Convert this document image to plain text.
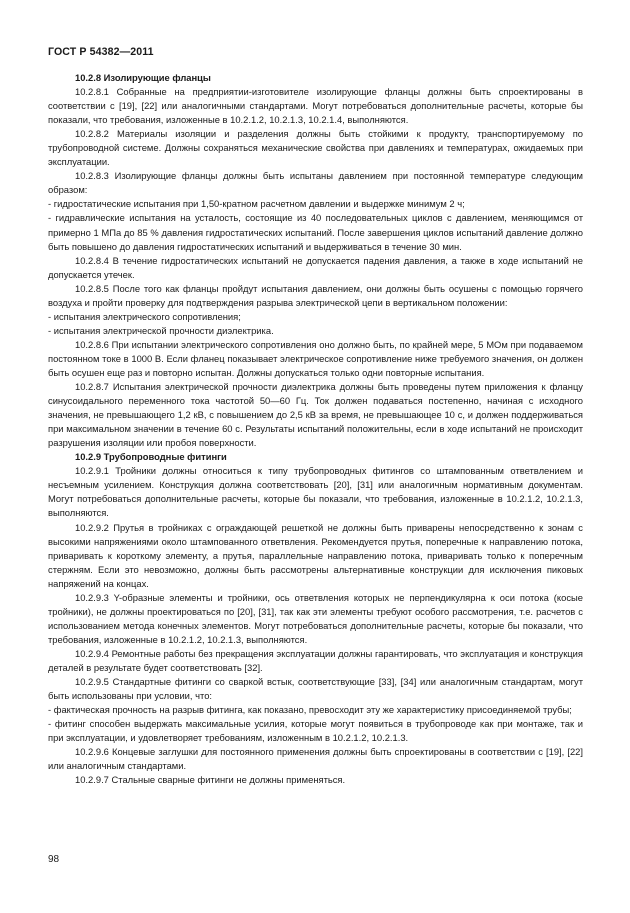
ГОСТ Р 54382—2011

10.2.8 Изолирующие фланцы

10.2.8.1 Собранные на предприятии-изготовителе изолирующие фланцы должны быть спроектированы в соответствии с [19], [22] или аналогичными стандартами. Могут потребоваться дополнительные расчеты, которые бы показали, что требования, изложенные в 10.2.1.2, 10.2.1.3, 10.2.1.4, выполняются.

10.2.8.2 Материалы изоляции и разделения должны быть стойкими к продукту, транспортируемому по трубопроводной системе. Должны сохраняться механические свойства при давлениях и температурах, ожидаемых при эксплуатации.

10.2.8.3 Изолирующие фланцы должны быть испытаны давлением при постоянной температуре следующим образом:

- гидростатические испытания при 1,50-кратном расчетном давлении и выдержке минимум 2 ч;

- гидравлические испытания на усталость, состоящие из 40 последовательных циклов с давлением, меняющимся от примерно 1 МПа до 85 % давления гидростатических испытаний. После завершения циклов испытаний давление должно быть повышено до давления гидростатических испытаний и выдерживаться в течение 30 мин.

10.2.8.4 В течение гидростатических испытаний не допускается падения давления, а также в ходе испытаний не допускается утечек.

10.2.8.5 После того как фланцы пройдут испытания давлением, они должны быть осушены с помощью горячего воздуха и пройти проверку для подтверждения разрыва электрической цепи в вертикальном положении:

- испытания электрического сопротивления;

- испытания электрической прочности диэлектрика.

10.2.8.6 При испытании электрического сопротивления оно должно быть, по крайней мере, 5 МОм при подаваемом постоянном токе в 1000 В. Если фланец показывает электрическое сопротивление ниже требуемого значения, он должен быть осушен еще раз и повторно испытан. Должны допускаться только одни повторные испытания.

10.2.8.7 Испытания электрической прочности диэлектрика должны быть проведены путем приложения к фланцу синусоидального переменного тока частотой 50—60 Гц. Ток должен подаваться постепенно, начиная с исходного значения, не превышающего 1,2 кВ, с повышением до 2,5 кВ за время, не превышающее 10 с, и должен поддерживаться при максимальном значении в течение 60 с. Результаты испытаний положительны, если в ходе испытаний не происходит разрушения изоляции или пробоя поверхности.

10.2.9 Трубопроводные фитинги

10.2.9.1 Тройники должны относиться к типу трубопроводных фитингов со штампованным ответвлением и несъемным усилением. Конструкция должна соответствовать [20], [31] или аналогичным нормативным документам. Могут потребоваться дополнительные расчеты, которые бы показали, что требования, изложенные в 10.2.1.2, 10.2.1.3, выполняются.

10.2.9.2 Прутья в тройниках с ограждающей решеткой не должны быть приварены непосредственно к зонам с высокими напряжениями около штампованного ответвления. Рекомендуется прутья, поперечные к направлению потока, приваривать к короткому элементу, а прутья, параллельные направлению потока, приваривать только к поперечным стержням. Если это невозможно, должны быть рассмотрены альтернативные конструкции для исключения пиковых напряжений на концах.

10.2.9.3 Y-образные элементы и тройники, ось ответвления которых не перпендикулярна к оси потока (косые тройники), не должны проектироваться по [20], [31], так как эти элементы требуют особого рассмотрения, т.е. расчетов с использованием метода конечных элементов. Могут потребоваться дополнительные расчеты, которые бы показали, что требования, изложенные в 10.2.1.2, 10.2.1.3, выполняются.

10.2.9.4 Ремонтные работы без прекращения эксплуатации должны гарантировать, что эксплуатация и конструкция деталей в результате будет соответствовать [32].

10.2.9.5 Стандартные фитинги со сваркой встык, соответствующие [33], [34] или аналогичным стандартам, могут быть использованы при условии, что:

- фактическая прочность на разрыв фитинга, как показано, превосходит эту же характеристику присоединяемой трубы;

- фитинг способен выдержать максимальные усилия, которые могут появиться в трубопроводе как при монтаже, так и при эксплуатации, и удовлетворяет требованиям, изложенным в 10.2.1.2, 10.2.1.3.

10.2.9.6 Концевые заглушки для постоянного применения должны быть спроектированы в соответствии с [19], [22] или аналогичным стандартами.

10.2.9.7 Стальные сварные фитинги не должны применяться.

98
